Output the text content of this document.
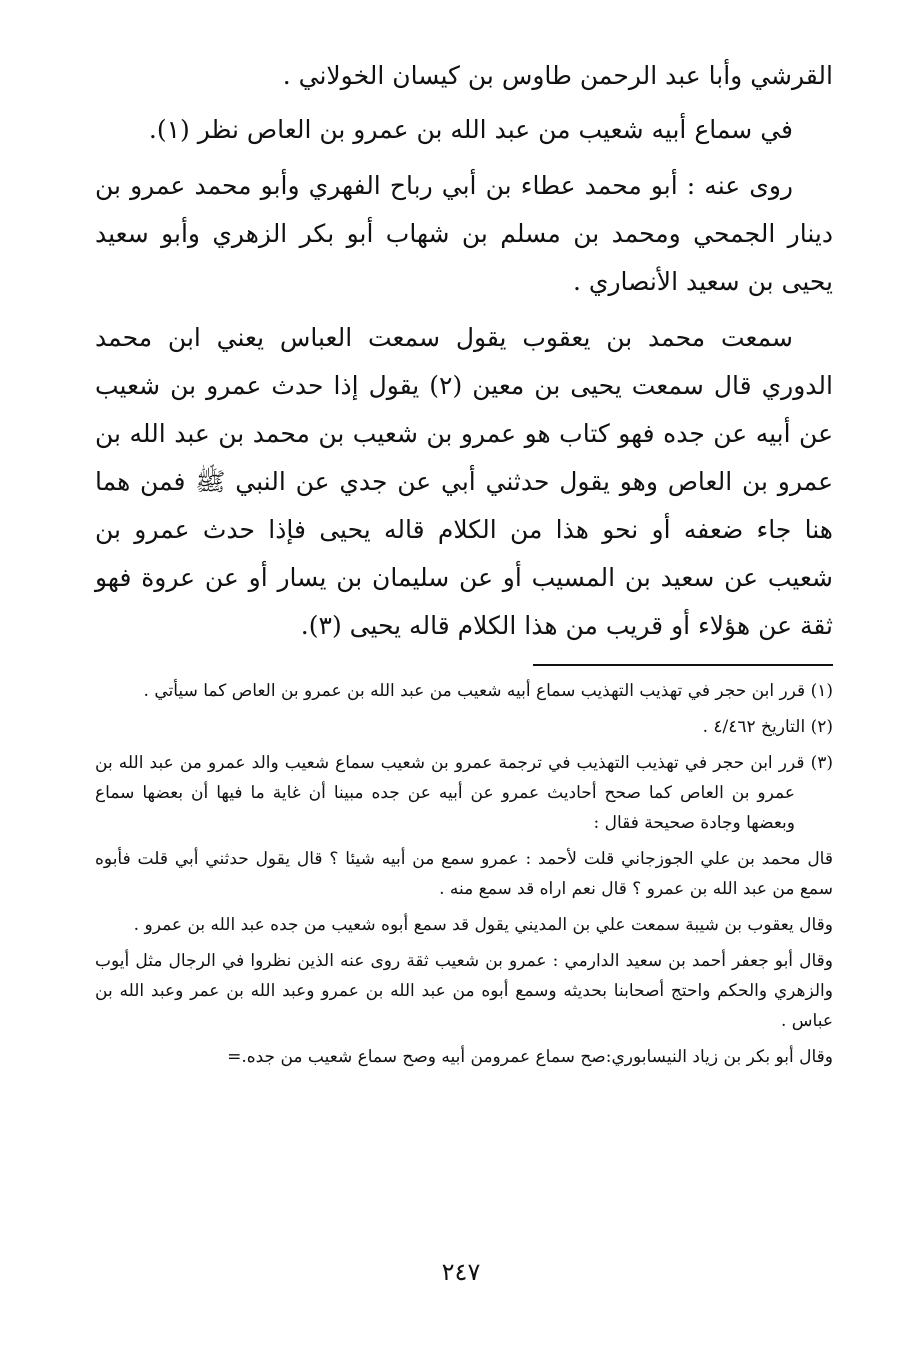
القرشي وأبا عبد الرحمن طاوس بن كيسان الخولاني .

في سماع أبيه شعيب من عبد الله بن عمرو بن العاص نظر (١).

روى عنه : أبو محمد عطاء بن أبي رباح الفهري وأبو محمد عمرو بن دينار الجمحي ومحمد بن مسلم بن شهاب أبو بكر الزهري وأبو سعيد يحيى بن سعيد الأنصاري .

سمعت محمد بن يعقوب يقول سمعت العباس يعني ابن محمد الدوري قال سمعت يحيى بن معين (٢) يقول إذا حدث عمرو بن شعيب عن أبيه عن جده فهو كتاب هو عمرو بن شعيب بن محمد بن عبد الله بن عمرو بن العاص وهو يقول حدثني أبي عن جدي عن النبي ﷺ فمن هما هنا جاء ضعفه أو نحو هذا من الكلام قاله يحيى فإذا حدث عمرو بن شعيب عن سعيد بن المسيب أو عن سليمان بن يسار أو عن عروة فهو ثقة عن هؤلاء أو قريب من هذا الكلام قاله يحيى (٣).

(١) قرر ابن حجر في تهذيب التهذيب سماع أبيه شعيب من عبد الله بن عمرو بن العاص كما سيأتي .

(٢) التاريخ ٤/٤٦٢ .

(٣) قرر ابن حجر في تهذيب التهذيب في ترجمة عمرو بن شعيب سماع شعيب والد عمرو من عبد الله بن عمرو بن العاص كما صحح أحاديث عمرو عن أبيه عن جده مبينا أن غاية ما فيها أن بعضها سماع وبعضها وجادة صحيحة فقال :

قال محمد بن علي الجوزجاني قلت لأحمد : عمرو سمع من أبيه شيئا ؟ قال يقول حدثني أبي قلت فأبوه سمع من عبد الله بن عمرو ؟ قال نعم اراه قد سمع منه .

وقال يعقوب بن شيبة سمعت علي بن المديني يقول قد سمع أبوه شعيب من جده عبد الله بن عمرو .

وقال أبو جعفر أحمد بن سعيد الدارمي : عمرو بن شعيب ثقة روى عنه الذين نظروا في الرجال مثل أيوب والزهري والحكم واحتج أصحابنا بحديثه وسمع أبوه من عبد الله بن عمرو وعبد الله بن عمر وعبد الله بن عباس .

وقال أبو بكر بن زياد النيسابوري:صح سماع عمرومن أبيه وصح سماع شعيب من جده.=

٢٤٧
